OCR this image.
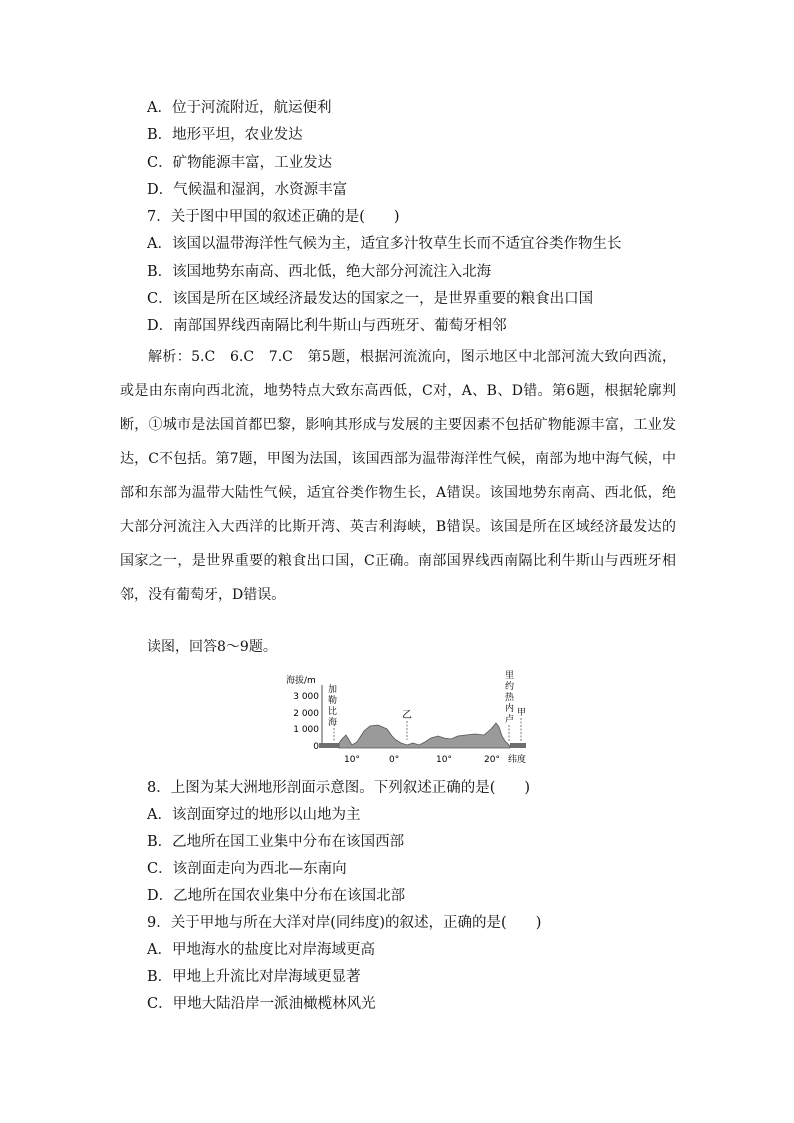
A．位于河流附近，航运便利
B．地形平坦，农业发达
C．矿物能源丰富，工业发达
D．气候温和湿润，水资源丰富
7．关于图中甲国的叙述正确的是(　　)
A．该国以温带海洋性气候为主，适宜多汁牧草生长而不适宜谷类作物生长
B．该国地势东南高、西北低，绝大部分河流注入北海
C．该国是所在区域经济最发达的国家之一，是世界重要的粮食出口国
D．南部国界线西南隔比利牛斯山与西班牙、葡萄牙相邻
解析：5.C　6.C　7.C　第5题，根据河流流向，图示地区中北部河流大致向西流，或是由东南向西北流，地势特点大致东高西低，C对，A、B、D错。第6题，根据轮廓判断，①城市是法国首都巴黎，影响其形成与发展的主要因素不包括矿物能源丰富，工业发达，C不包括。第7题，甲图为法国，该国西部为温带海洋性气候，南部为地中海气候，中部和东部为温带大陆性气候，适宜谷类作物生长，A错误。该国地势东南高、西北低，绝大部分河流注入大西洋的比斯开湾、英吉利海峡，B错误。该国是所在区域经济最发达的国家之一，是世界重要的粮食出口国，C正确。南部国界线西南隔比利牛斯山与西班牙相邻，没有葡萄牙，D错误。
读图，回答8～9题。
海拔/m
3 000
2 000
1 000
0
加 勒 比 海
乙
里 约 热 内 卢
甲
10°	0°	10°	20° 纬度
8．上图为某大洲地形剖面示意图。下列叙述正确的是(　　)
A．该剖面穿过的地形以山地为主
B．乙地所在国工业集中分布在该国西部
C．该剖面走向为西北—东南向
D．乙地所在国农业集中分布在该国北部
9．关于甲地与所在大洋对岸(同纬度)的叙述，正确的是(　　)
A．甲地海水的盐度比对岸海域更高
B．甲地上升流比对岸海域更显著
C．甲地大陆沿岸一派油橄榄林风光
